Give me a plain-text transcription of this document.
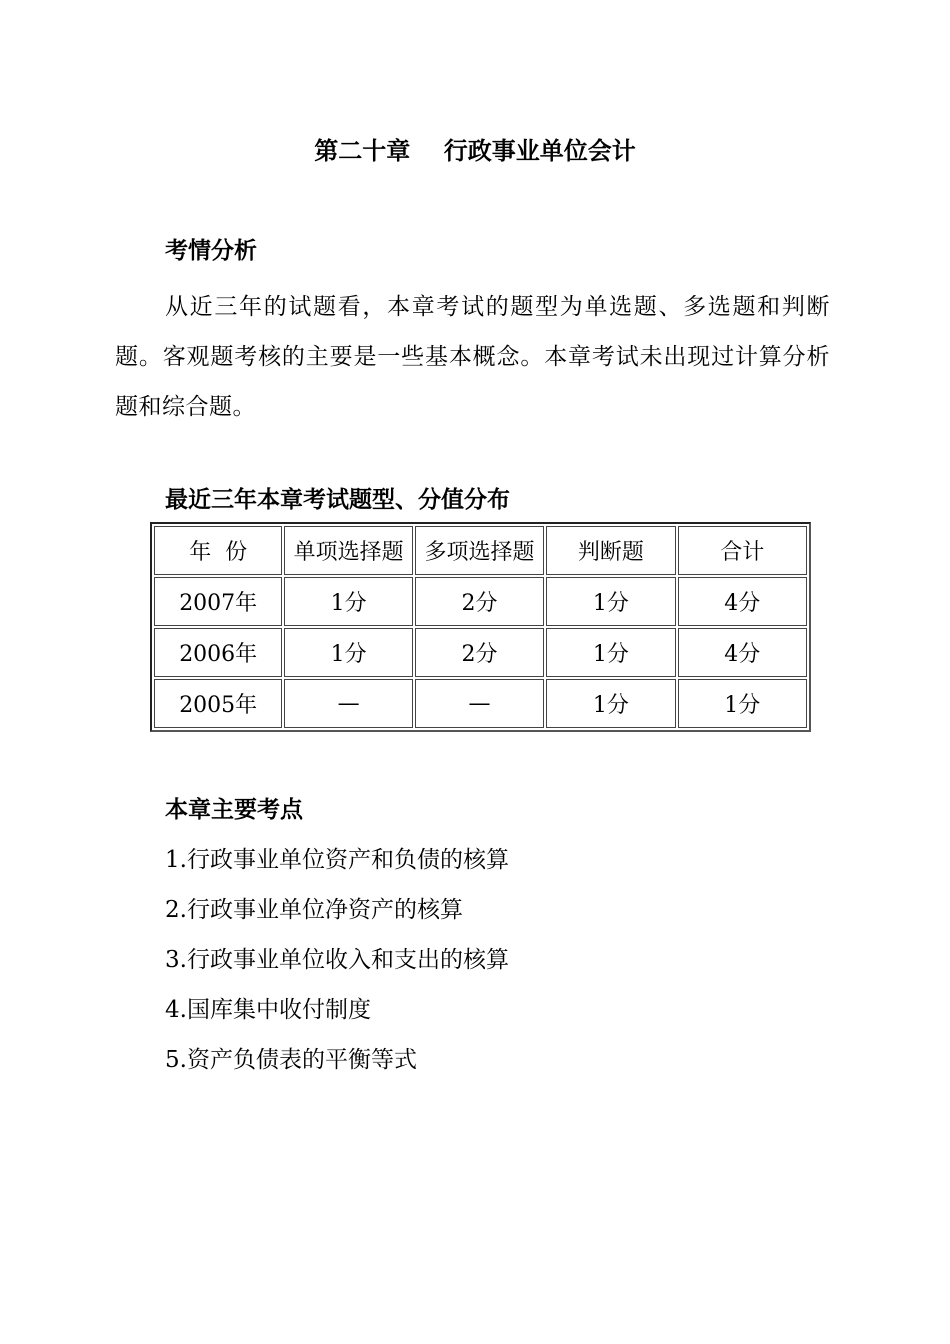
第二十章    行政事业单位会计
考情分析
从近三年的试题看，本章考试的题型为单选题、多选题和判断题。客观题考核的主要是一些基本概念。本章考试未出现过计算分析题和综合题。
最近三年本章考试题型、分值分布
年  份	单项选择题	多项选择题	判断题	合计
2007年	1分	2分	1分	4分
2006年	1分	2分	1分	4分
2005年	—	—	1分	1分
本章主要考点
1.行政事业单位资产和负债的核算
2.行政事业单位净资产的核算
3.行政事业单位收入和支出的核算
4.国库集中收付制度
5.资产负债表的平衡等式
